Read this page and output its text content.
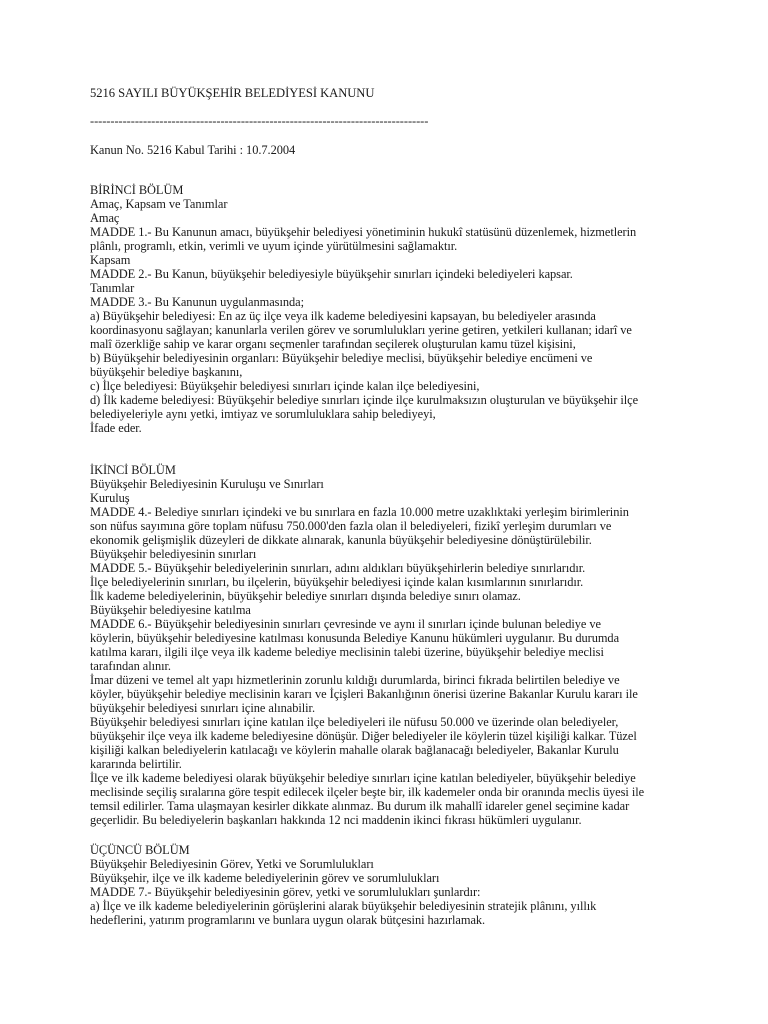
5216 SAYILI BÜYÜKŞEHİR BELEDİYESİ KANUNU
-----------------------------------------------------------------------------------
Kanun No. 5216 Kabul Tarihi : 10.7.2004
BİRİNCİ BÖLÜM
Amaç, Kapsam ve Tanımlar
Amaç
MADDE 1.- Bu Kanunun amacı, büyükşehir belediyesi yönetiminin hukukî statüsünü düzenlemek, hizmetlerin
plânlı, programlı, etkin, verimli ve uyum içinde yürütülmesini sağlamaktır.
Kapsam
MADDE 2.- Bu Kanun, büyükşehir belediyesiyle büyükşehir sınırları içindeki belediyeleri kapsar.
Tanımlar
MADDE 3.- Bu Kanunun uygulanmasında;
a) Büyükşehir belediyesi: En az üç ilçe veya ilk kademe belediyesini kapsayan, bu belediyeler arasında
koordinasyonu sağlayan; kanunlarla verilen görev ve sorumlulukları yerine getiren, yetkileri kullanan; idarî ve
malî özerkliğe sahip ve karar organı seçmenler tarafından seçilerek oluşturulan kamu tüzel kişisini,
b) Büyükşehir belediyesinin organları: Büyükşehir belediye meclisi, büyükşehir belediye encümeni ve
büyükşehir belediye başkanını,
c) İlçe belediyesi: Büyükşehir belediyesi sınırları içinde kalan ilçe belediyesini,
d) İlk kademe belediyesi: Büyükşehir belediye sınırları içinde ilçe kurulmaksızın oluşturulan ve büyükşehir ilçe
belediyeleriyle aynı yetki, imtiyaz ve sorumluluklara sahip belediyeyi,
İfade eder.
İKİNCİ BÖLÜM
Büyükşehir Belediyesinin Kuruluşu ve Sınırları
Kuruluş
MADDE 4.- Belediye sınırları içindeki ve bu sınırlara en fazla 10.000 metre uzaklıktaki yerleşim birimlerinin
son nüfus sayımına göre toplam nüfusu 750.000'den fazla olan il belediyeleri, fizikî yerleşim durumları ve
ekonomik gelişmişlik düzeyleri de dikkate alınarak, kanunla büyükşehir belediyesine dönüştürülebilir.
Büyükşehir belediyesinin sınırları
MADDE 5.- Büyükşehir belediyelerinin sınırları, adını aldıkları büyükşehirlerin belediye sınırlarıdır.
İlçe belediyelerinin sınırları, bu ilçelerin, büyükşehir belediyesi içinde kalan kısımlarının sınırlarıdır.
İlk kademe belediyelerinin, büyükşehir belediye sınırları dışında belediye sınırı olamaz.
Büyükşehir belediyesine katılma
MADDE 6.- Büyükşehir belediyesinin sınırları çevresinde ve aynı il sınırları içinde bulunan belediye ve
köylerin, büyükşehir belediyesine katılması konusunda Belediye Kanunu hükümleri uygulanır. Bu durumda
katılma kararı, ilgili ilçe veya ilk kademe belediye meclisinin talebi üzerine, büyükşehir belediye meclisi
tarafından alınır.
İmar düzeni ve temel alt yapı hizmetlerinin zorunlu kıldığı durumlarda, birinci fıkrada belirtilen belediye ve
köyler, büyükşehir belediye meclisinin kararı ve İçişleri Bakanlığının önerisi üzerine Bakanlar Kurulu kararı ile
büyükşehir belediyesi sınırları içine alınabilir.
Büyükşehir belediyesi sınırları içine katılan ilçe belediyeleri ile nüfusu 50.000 ve üzerinde olan belediyeler,
büyükşehir ilçe veya ilk kademe belediyesine dönüşür. Diğer belediyeler ile köylerin tüzel kişiliği kalkar. Tüzel
kişiliği kalkan belediyelerin katılacağı ve köylerin mahalle olarak bağlanacağı belediyeler, Bakanlar Kurulu
kararında belirtilir.
İlçe ve ilk kademe belediyesi olarak büyükşehir belediye sınırları içine katılan belediyeler, büyükşehir belediye
meclisinde seçiliş sıralarına göre tespit edilecek ilçeler beşte bir, ilk kademeler onda bir oranında meclis üyesi ile
temsil edilirler. Tama ulaşmayan kesirler dikkate alınmaz. Bu durum ilk mahallî idareler genel seçimine kadar
geçerlidir. Bu belediyelerin başkanları hakkında 12 nci maddenin ikinci fıkrası hükümleri uygulanır.
ÜÇÜNCÜ BÖLÜM
Büyükşehir Belediyesinin Görev, Yetki ve Sorumlulukları
Büyükşehir, ilçe ve ilk kademe belediyelerinin görev ve sorumlulukları
MADDE 7.- Büyükşehir belediyesinin görev, yetki ve sorumlulukları şunlardır:
a) İlçe ve ilk kademe belediyelerinin görüşlerini alarak büyükşehir belediyesinin stratejik plânını, yıllık
hedeflerini, yatırım programlarını ve bunlara uygun olarak bütçesini hazırlamak.
